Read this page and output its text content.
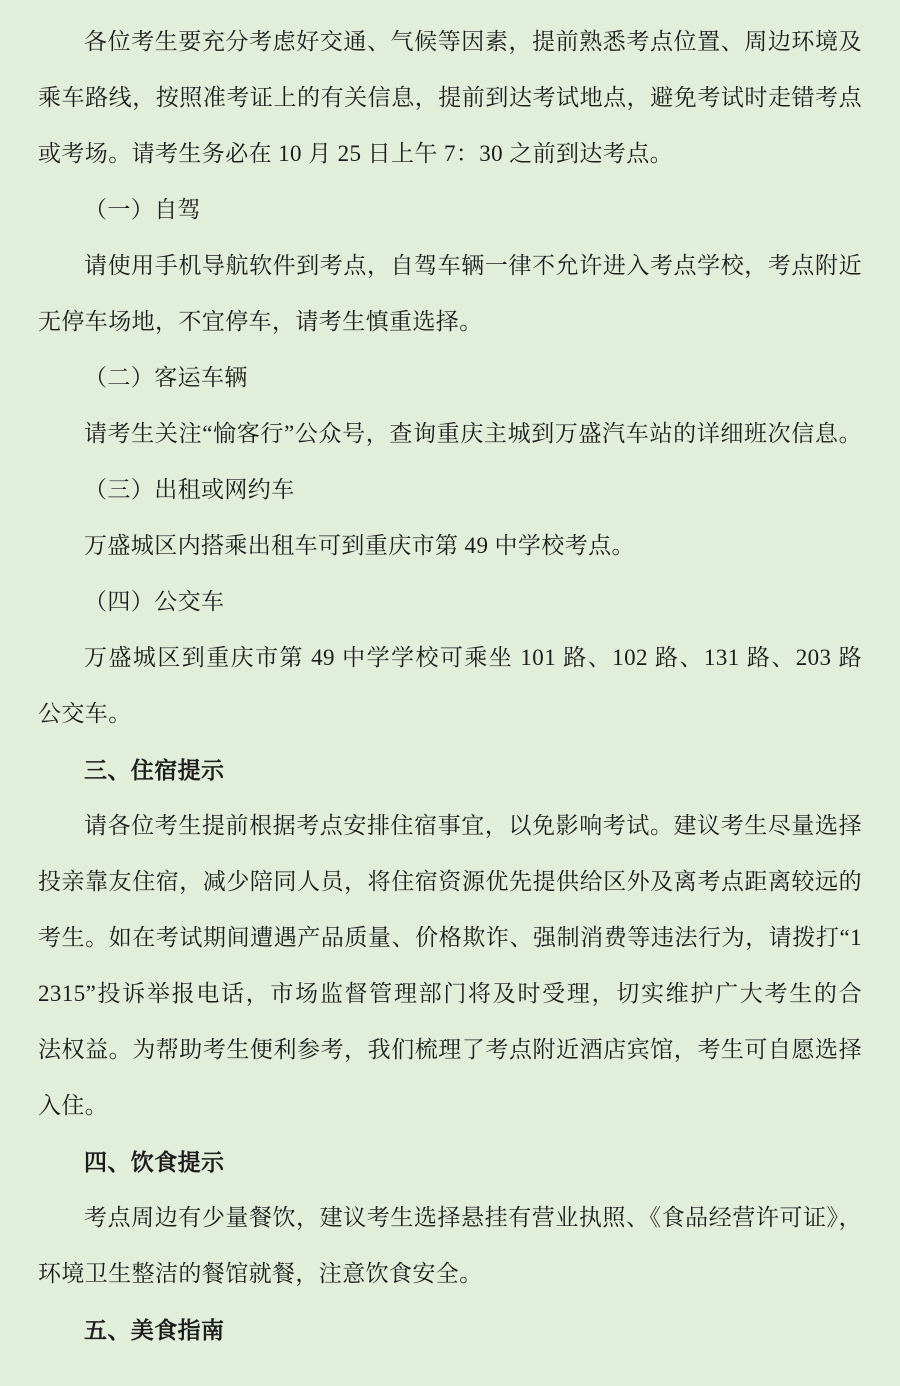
各位考生要充分考虑好交通、气候等因素，提前熟悉考点位置、周边环境及
乘车路线，按照准考证上的有关信息，提前到达考试地点，避免考试时走错考点
或考场。请考生务必在 10 月 25 日上午 7：30 之前到达考点。
（一）自驾
请使用手机导航软件到考点，自驾车辆一律不允许进入考点学校，考点附近
无停车场地，不宜停车，请考生慎重选择。
（二）客运车辆
请考生关注“愉客行”公众号，查询重庆主城到万盛汽车站的详细班次信息。
（三）出租或网约车
万盛城区内搭乘出租车可到重庆市第 49 中学校考点。
（四）公交车
万盛城区到重庆市第 49 中学学校可乘坐 101 路、102 路、131 路、203 路
公交车。
三、住宿提示
请各位考生提前根据考点安排住宿事宜，以免影响考试。建议考生尽量选择
投亲靠友住宿，减少陪同人员，将住宿资源优先提供给区外及离考点距离较远的
考生。如在考试期间遭遇产品质量、价格欺诈、强制消费等违法行为，请拨打“1
2315”投诉举报电话，市场监督管理部门将及时受理，切实维护广大考生的合
法权益。为帮助考生便利参考，我们梳理了考点附近酒店宾馆，考生可自愿选择
入住。
四、饮食提示
考点周边有少量餐饮，建议考生选择悬挂有营业执照、《食品经营许可证》，
环境卫生整洁的餐馆就餐，注意饮食安全。
五、美食指南
